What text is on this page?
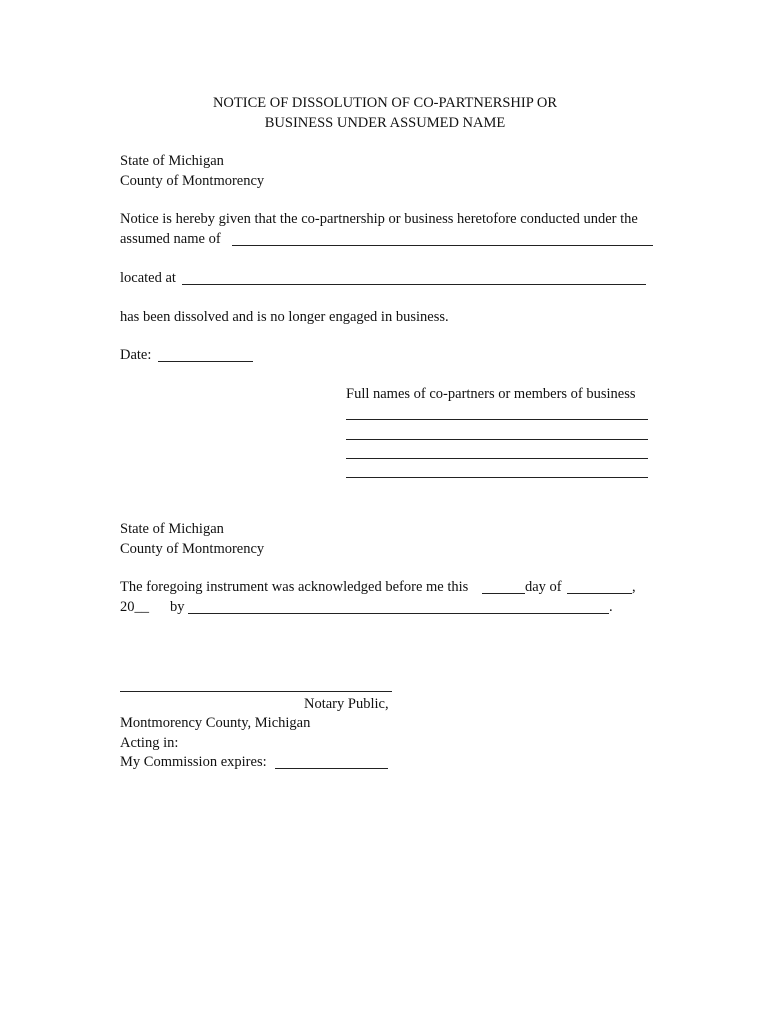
NOTICE OF DISSOLUTION OF CO-PARTNERSHIP OR
BUSINESS UNDER ASSUMED NAME
State of Michigan
County of Montmorency
Notice is hereby given that the co-partnership or business heretofore conducted under the
assumed name of
located at
has been dissolved and is no longer engaged in business.
Date:
Full names of co-partners or members of business
State of Michigan
County of Montmorency
The foregoing instrument was acknowledged before me this	day of	,
20__ by	.
Notary Public,
Montmorency County, Michigan
Acting in:
My Commission expires:
